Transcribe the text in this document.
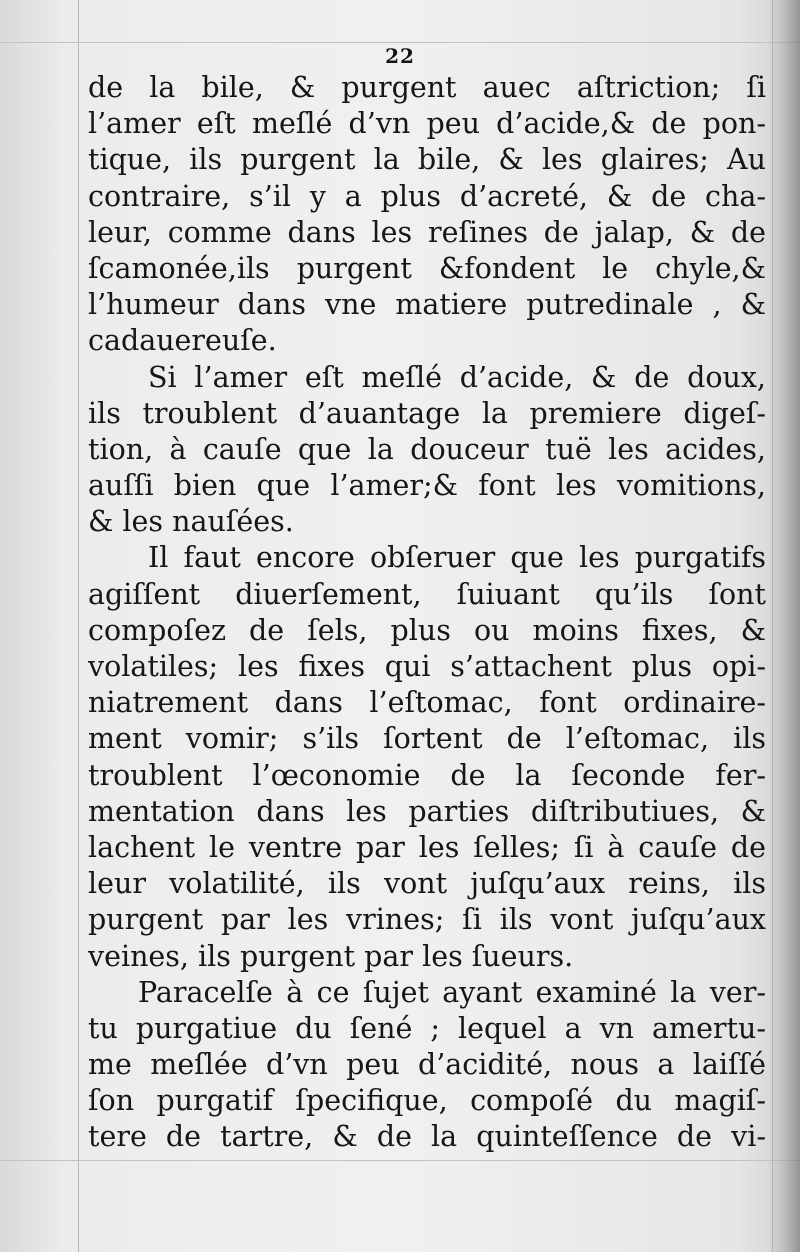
22
de la bile, & purgent auec aſtriction; ſi
l’amer eſt meſlé d’vn peu d’acide,& de pon-
tique, ils purgent la bile, & les glaires; Au
contraire, s’il y a plus d’acreté, & de cha-
leur, comme dans les reſines de jalap, & de
ſcamonée,ils purgent &fondent le chyle,&
l’humeur dans vne matiere putredinale , &
cadauereuſe.
Si l’amer eſt meſlé d’acide, & de doux,
ils troublent d’auantage la premiere digeſ-
tion, à cauſe que la douceur tuë les acides,
auſſi bien que l’amer;& font les vomitions,
& les nauſées.
Il faut encore obſeruer que les purgatifs
agiſſent diuerſement, ſuiuant qu’ils ſont
compoſez de ſels, plus ou moins fixes, &
volatiles; les fixes qui s’attachent plus opi-
niatrement dans l’eſtomac, font ordinaire-
ment vomir; s’ils ſortent de l’eſtomac, ils
troublent l’œconomie de la ſeconde fer-
mentation dans les parties diſtributiues, &
lachent le ventre par les ſelles; ſi à cauſe de
leur volatilité, ils vont juſqu’aux reins, ils
purgent par les vrines; ſi ils vont juſqu’aux
veines, ils purgent par les ſueurs.
Paracelſe à ce ſujet ayant examiné la ver-
tu purgatiue du ſené ; lequel a vn amertu-
me meſlée d’vn peu d’acidité, nous a laiſſé
ſon purgatif ſpecifique, compoſé du magiſ-
tere de tartre, & de la quinteſſence de vi-
